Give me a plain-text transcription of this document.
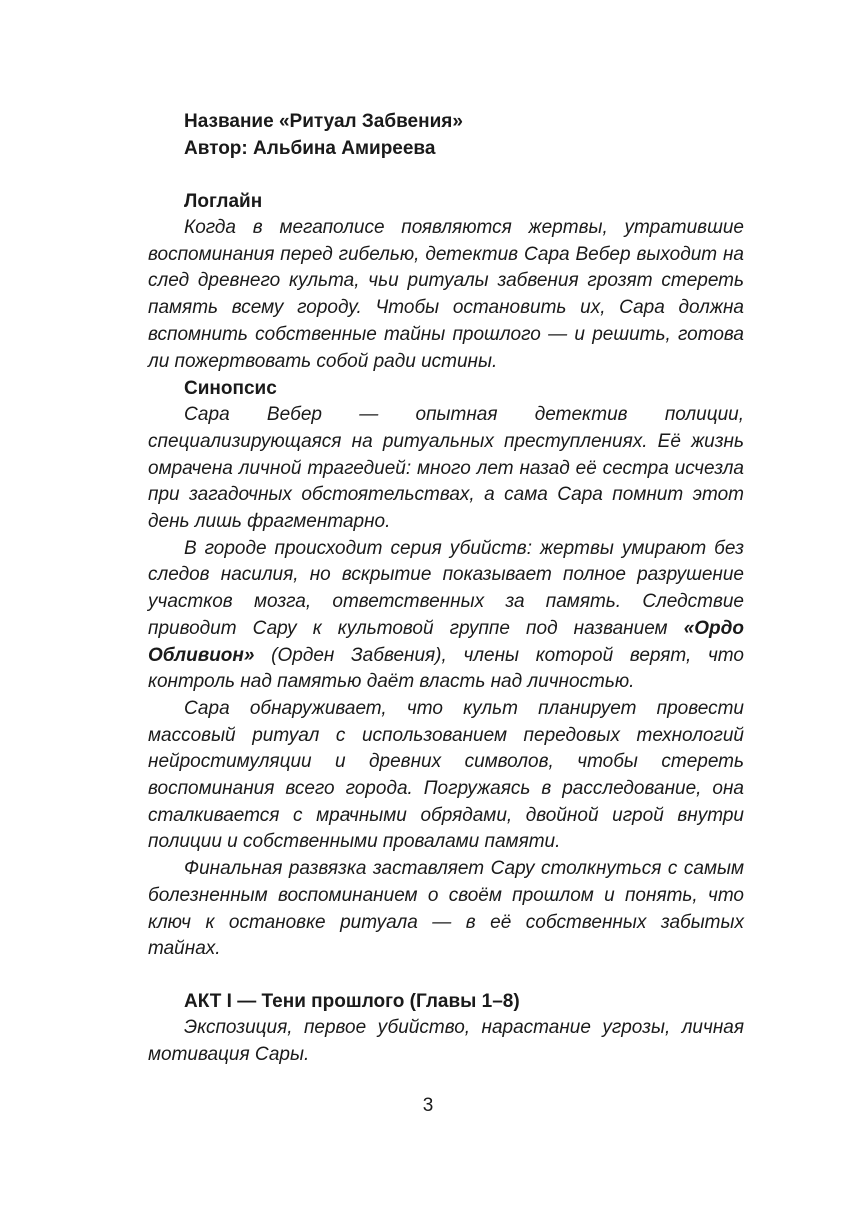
Название «Ритуал Забвения»
Автор: Альбина Амиреева
Логлайн

Когда в мегаполисе появляются жертвы, утратившие воспоминания перед гибелью, детектив Сара Вебер выходит на след древнего культа, чьи ритуалы забвения грозят стереть память всему городу. Чтобы остановить их, Сара должна вспомнить собственные тайны прошлого — и решить, готова ли пожертвовать собой ради истины.

Синопсис

Сара Вебер — опытная детектив полиции, специализирующаяся на ритуальных преступлениях. Её жизнь омрачена личной трагедией: много лет назад её сестра исчезла при загадочных обстоятельствах, а сама Сара помнит этот день лишь фрагментарно.

В городе происходит серия убийств: жертвы умирают без следов насилия, но вскрытие показывает полное разрушение участков мозга, ответственных за память. Следствие приводит Сару к культовой группе под названием «Ордо Обливион» (Орден Забвения), члены которой верят, что контроль над памятью даёт власть над личностью.

Сара обнаруживает, что культ планирует провести массовый ритуал с использованием передовых технологий нейростимуляции и древних символов, чтобы стереть воспоминания всего города. Погружаясь в расследование, она сталкивается с мрачными обрядами, двойной игрой внутри полиции и собственными провалами памяти.

Финальная развязка заставляет Сару столкнуться с самым болезненным воспоминанием о своём прошлом и понять, что ключ к остановке ритуала — в её собственных забытых тайнах.

АКТ I — Тени прошлого (Главы 1–8)

Экспозиция, первое убийство, нарастание угрозы, личная мотивация Сары.

3
